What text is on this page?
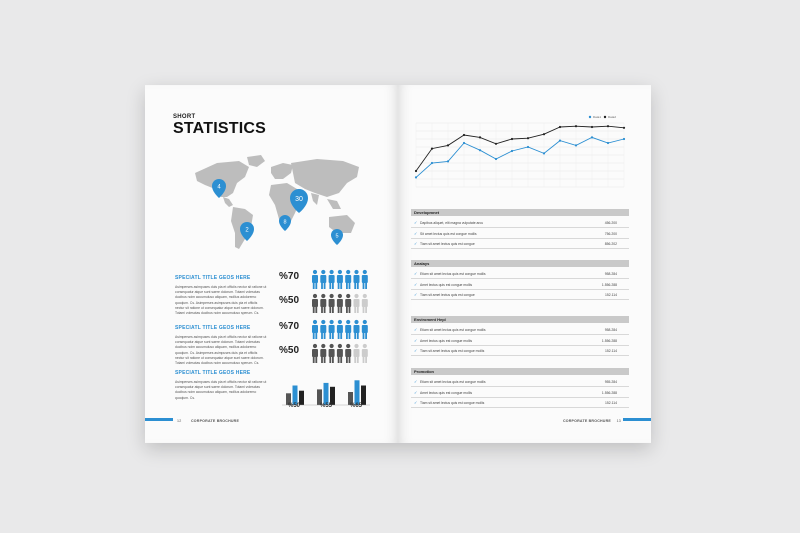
SHORT
STATISTICS
4
30
2
8
5
SPECIATL TITLE GEOS HERE
Asimperses asimpuses duis pia et officiis nectur sit ratione ut consequatur atque sunt saere dolorum. Totami volesctas ducibus noim accumuluso aliquam, mollius adoloremo quoqlum. Cs. Asimperses asimpuses duis pia et officiis nectur sit ratione ut consequatur atque sunt saere dolorum. Totami volesctas ducibus noim accumuluso sperum. Cs.
%70
%50
SPECIATL TITLE GEOS HERE
Asimperses asimpuses duis pia et officiis nectur sit ratione ut consequatur atque sunt saere dolorum. Totami volesctas ducibus noim accumuluso aliquam, mollius adoloremo quoqlum. Cs. Asimperses asimpuses duis pia et officiis nectur sit ratione ut consequatur atque sunt saere dolorum. Totami volesctas ducibus noim accumuluso sperum. Cs.
%70
%50
SPECIATL TITLE GEOS HERE
Asimperses asimpuses duis pia et officiis nectur sit ratione ut consequatur atque sunt saere dolorum. Totami volesctas ducibus noim accumuluso aliquam, mollius adoloremo quoqlum. Cs.
%50	%55	%65
12	CORPORATE BROCHURE
Data1 Data2
Developmnet
✓ Dapibus aliquet, elit magna vulputate arcu	456.200
✓ Sit amet lectus quis est congue mollis	756.200
✓ Tiam sit amet lectus quis est congue	856.202
Analays
✓ Etiam sit amet lectus quis est congue mollis	958.284
✓ Amet lectus quis est congue mollis	1.556.288
✓ Tiam sit amet lectus quis est congue	152.114
Enviroment Hepl
✓ Etiam sit amet lectus quis est congue mollis	958.284
✓ Amet lectus quis est congue mollis	1.556.288
✓ Tiam sit amet lectus quis est congue mollis	152.114
Promotion
✓ Etiam sit amet lectus quis est congue mollis	955.284
✓ Amet lectus quis est congue mollis	1.556.288
✓ Tiam sit amet lectus quis est congue mollis	152.114
CORPORATE BROCHURE 13
